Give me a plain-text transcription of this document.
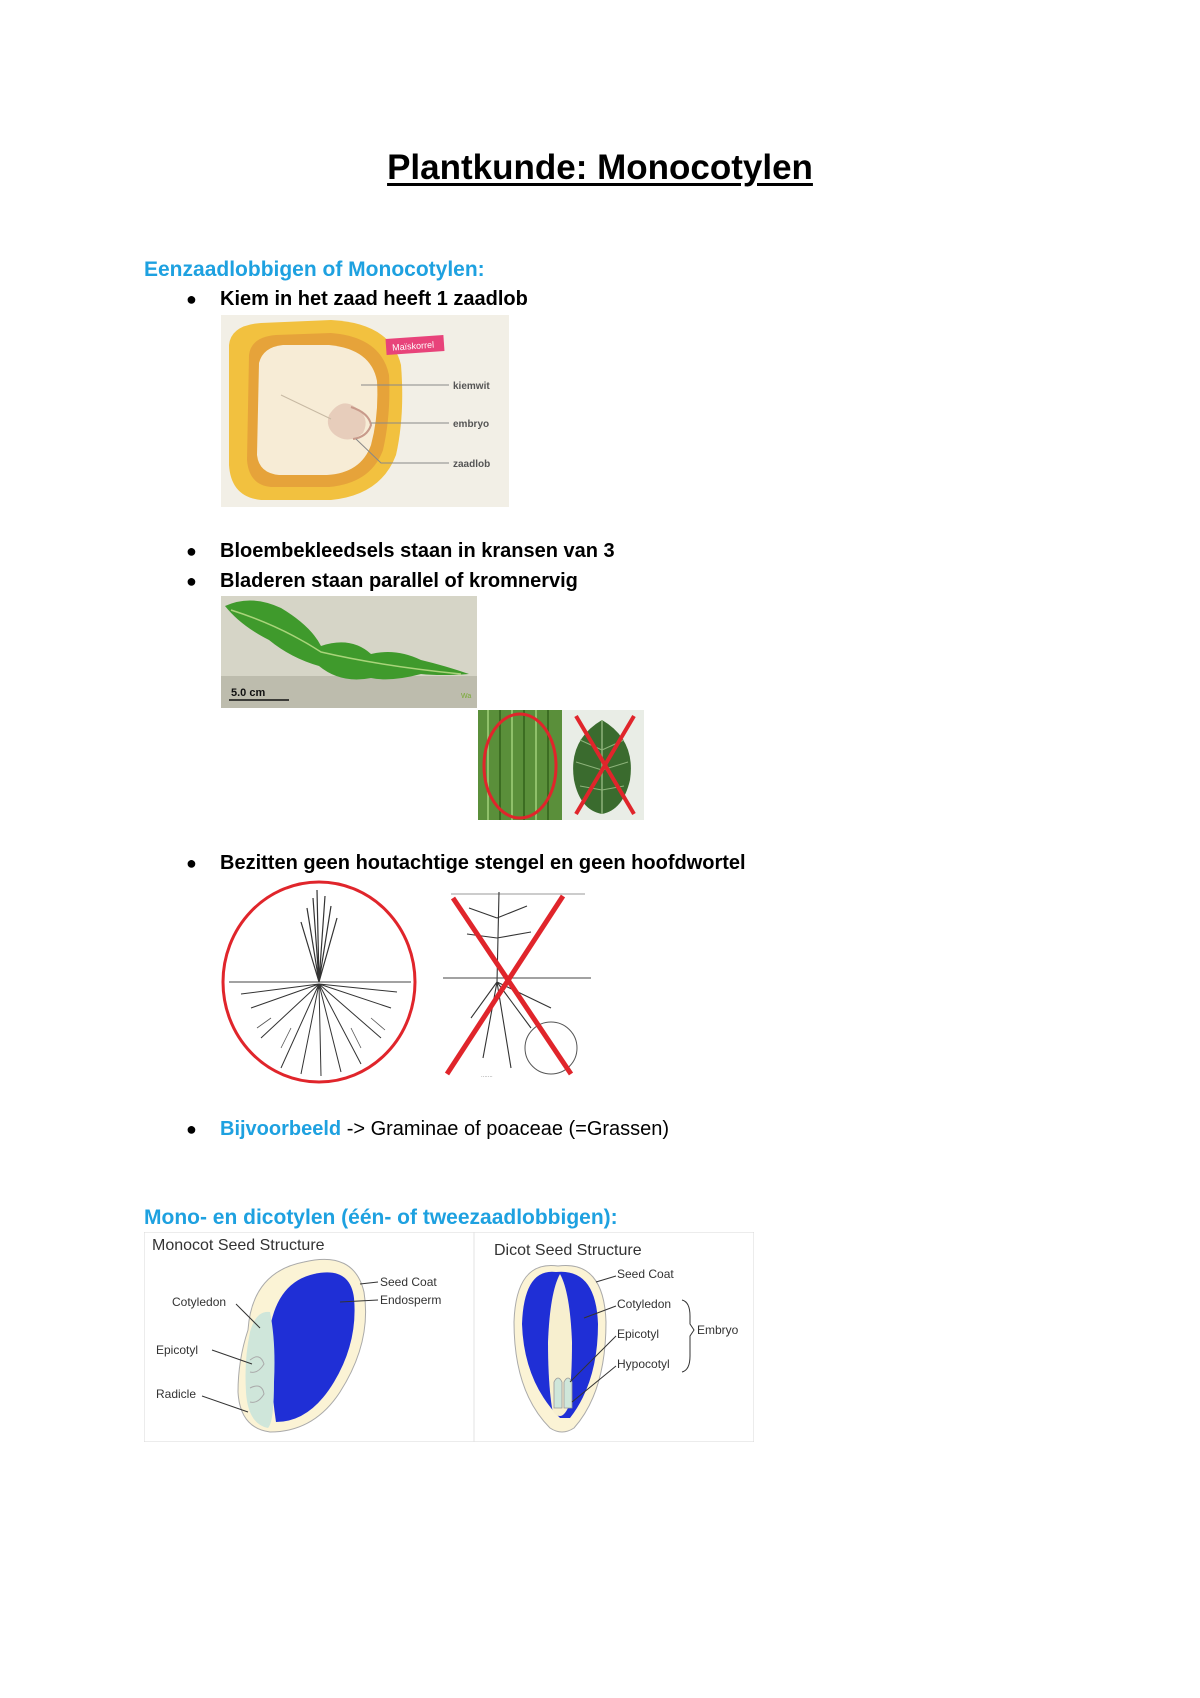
Plantkunde: Monocotylen
Eenzaadlobbigen of Monocotylen:
●	Kiem in het zaad heeft 1 zaadlob
Maïskorrel
kiemwit
embryo
zaadlob
●	Bloembekleedsels staan in kransen van 3
●	Bladeren staan parallel of kromnervig
5.0 cm	Wa
●	Bezitten geen houtachtige stengel en geen hoofdwortel
·······
●	Bijvoorbeeld -> Graminae of poaceae (=Grassen)
Mono- en dicotylen (één- of tweezaadlobbigen):
Monocot Seed Structure
Seed Coat
Endosperm
Cotyledon
Epicotyl
Radicle
Dicot Seed Structure
Seed Coat
Cotyledon
Epicotyl
Hypocotyl
Embryo
